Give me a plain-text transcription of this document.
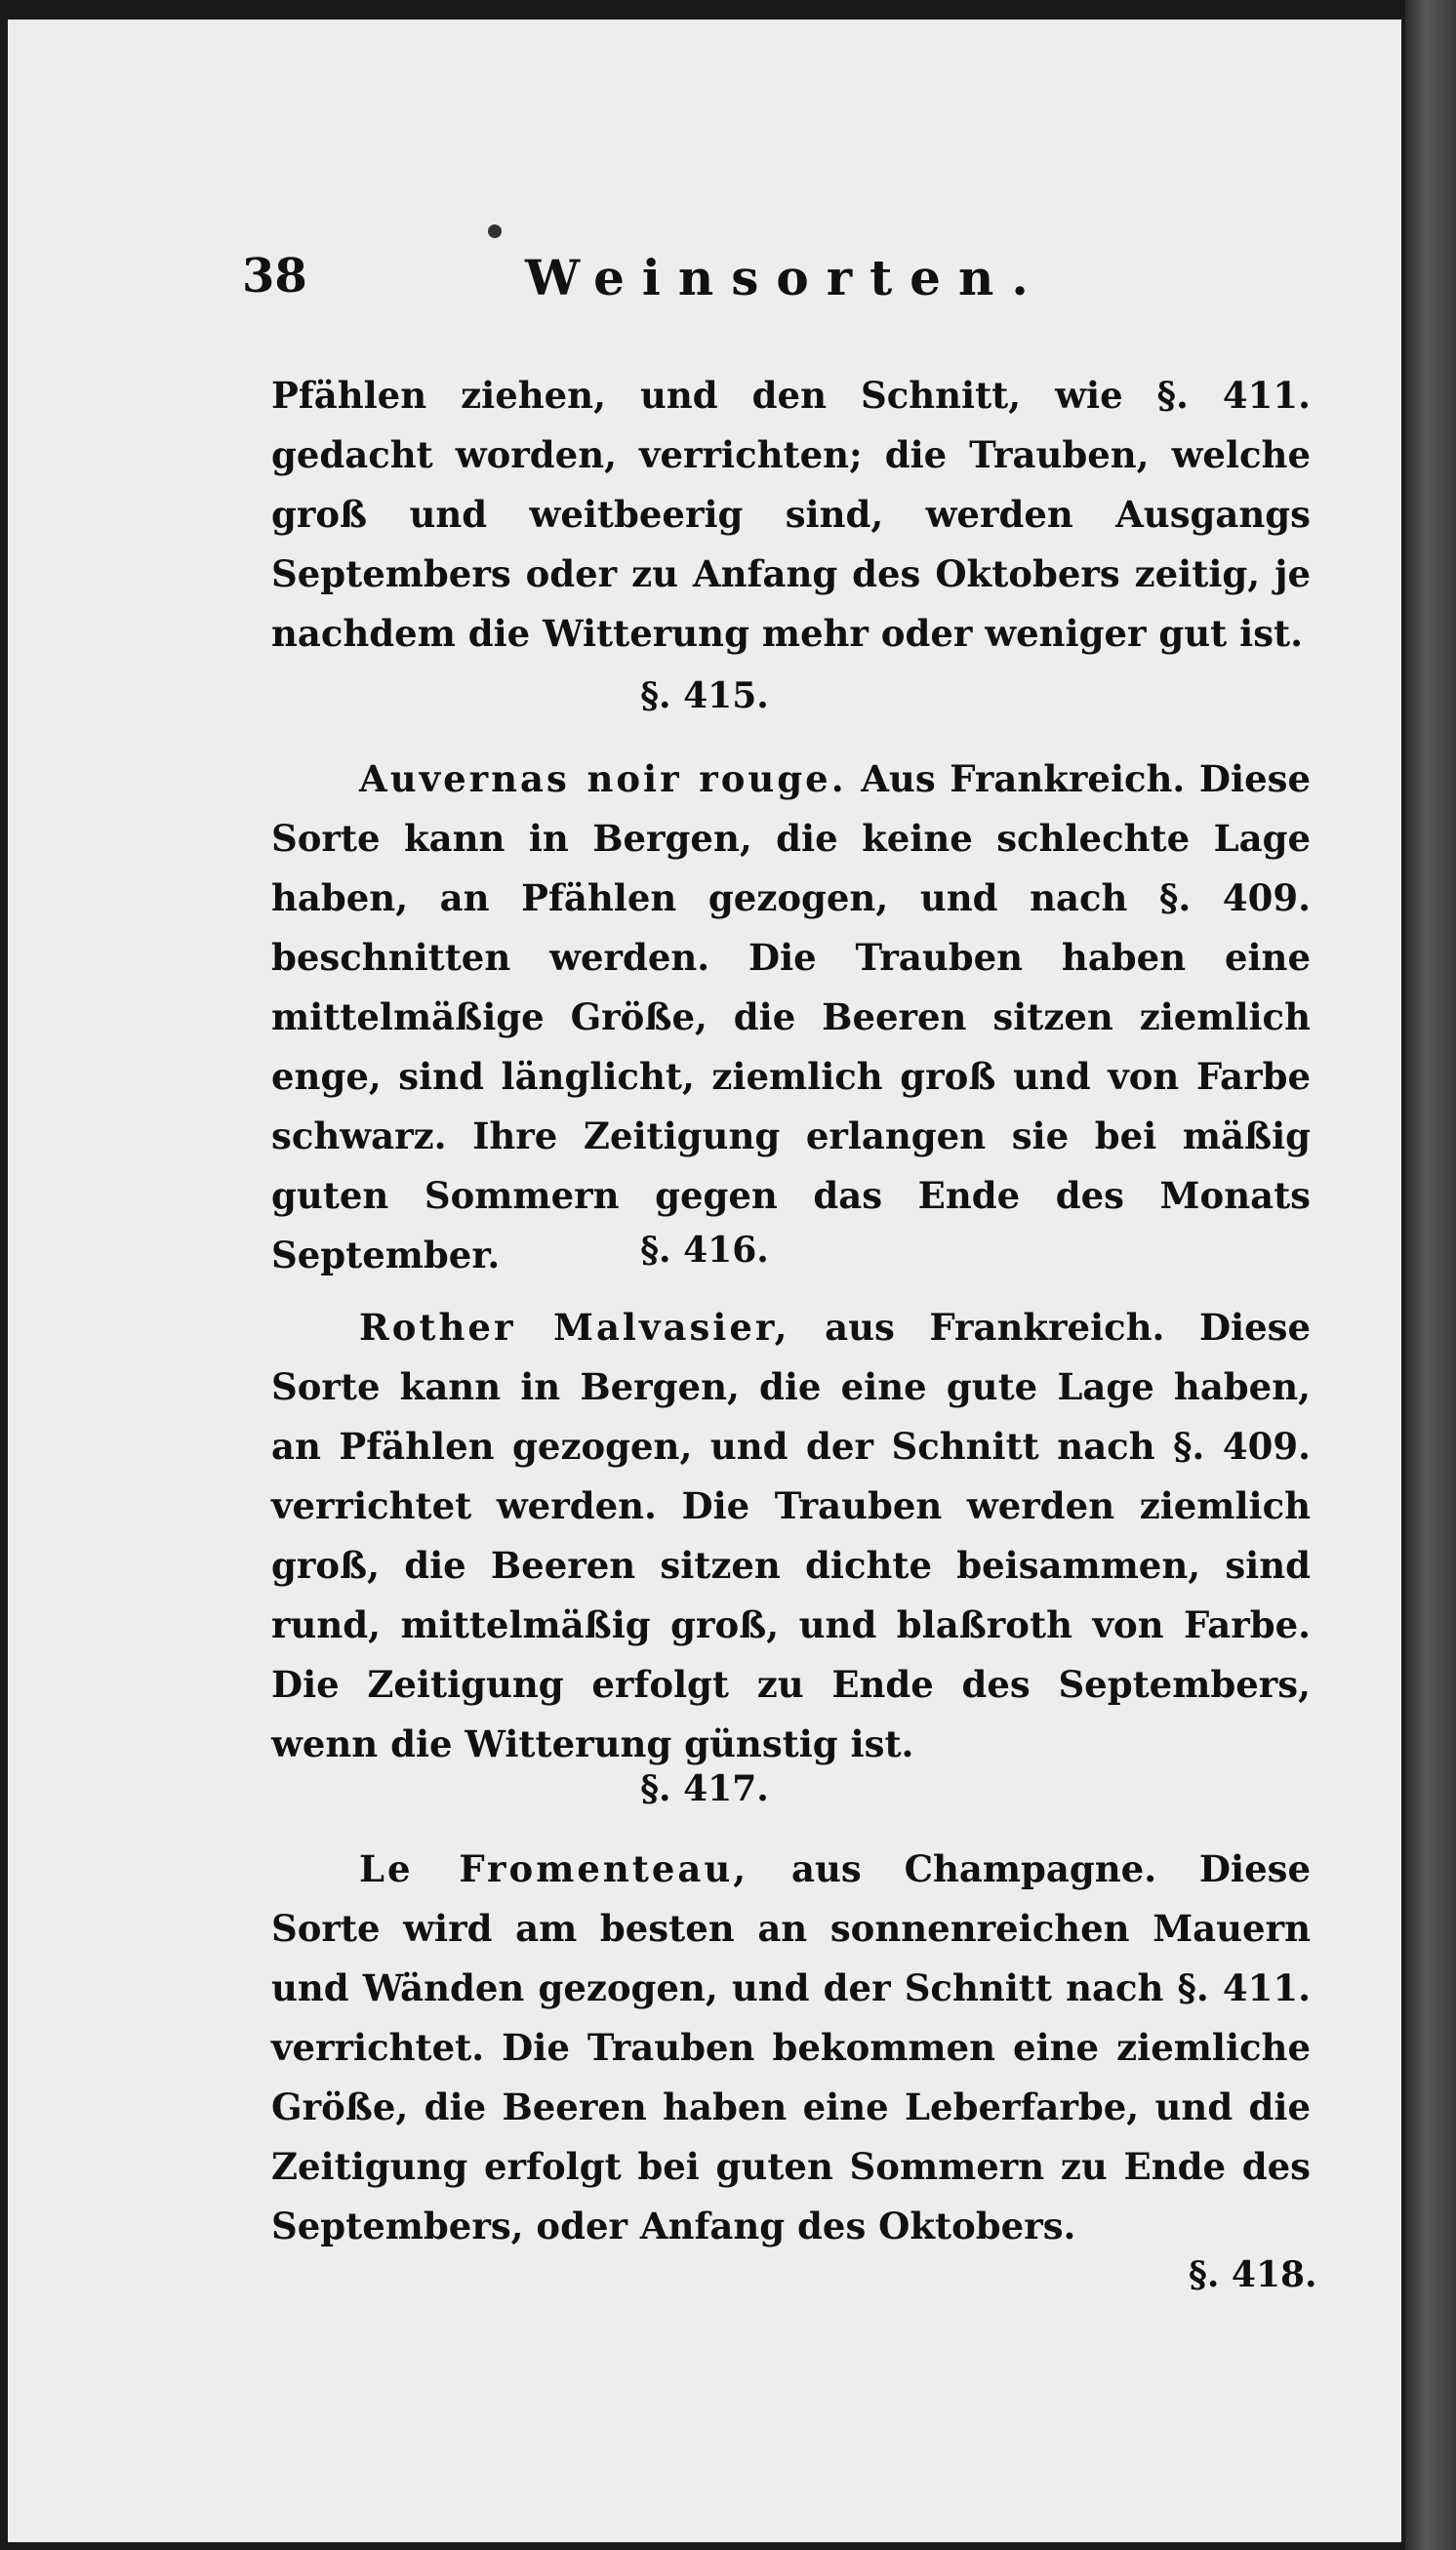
38	Weinsorten.

Pfählen ziehen, und den Schnitt, wie §. 411. gedacht worden, verrichten; die Trauben, welche groß und weitbeerig sind, werden Ausgangs Septembers oder zu Anfang des Oktobers zeitig, je nachdem die Witterung mehr oder weniger gut ist.

§. 415.

Auvernas noir rouge. Aus Frankreich. Diese Sorte kann in Bergen, die keine schlechte Lage haben, an Pfählen gezogen, und nach §. 409. beschnitten werden. Die Trauben haben eine mittelmäßige Größe, die Beeren sitzen ziemlich enge, sind länglicht, ziemlich groß und von Farbe schwarz. Ihre Zeitigung erlangen sie bei mäßig guten Sommern gegen das Ende des Monats September.	§. 416.

Rother Malvasier, aus Frankreich. Diese Sorte kann in Bergen, die eine gute Lage haben, an Pfählen gezogen, und der Schnitt nach §. 409. verrichtet werden. Die Trauben werden ziemlich groß, die Beeren sitzen dichte beisammen, sind rund, mittelmäßig groß, und blaßroth von Farbe. Die Zeitigung erfolgt zu Ende des Septembers, wenn die Witterung günstig ist.

§. 417.

Le Fromenteau, aus Champagne. Diese Sorte wird am besten an sonnenreichen Mauern und Wänden gezogen, und der Schnitt nach §. 411. verrichtet. Die Trauben bekommen eine ziemliche Größe, die Beeren haben eine Leberfarbe, und die Zeitigung erfolgt bei guten Sommern zu Ende des Septembers, oder Anfang des Oktobers.

§. 418.
